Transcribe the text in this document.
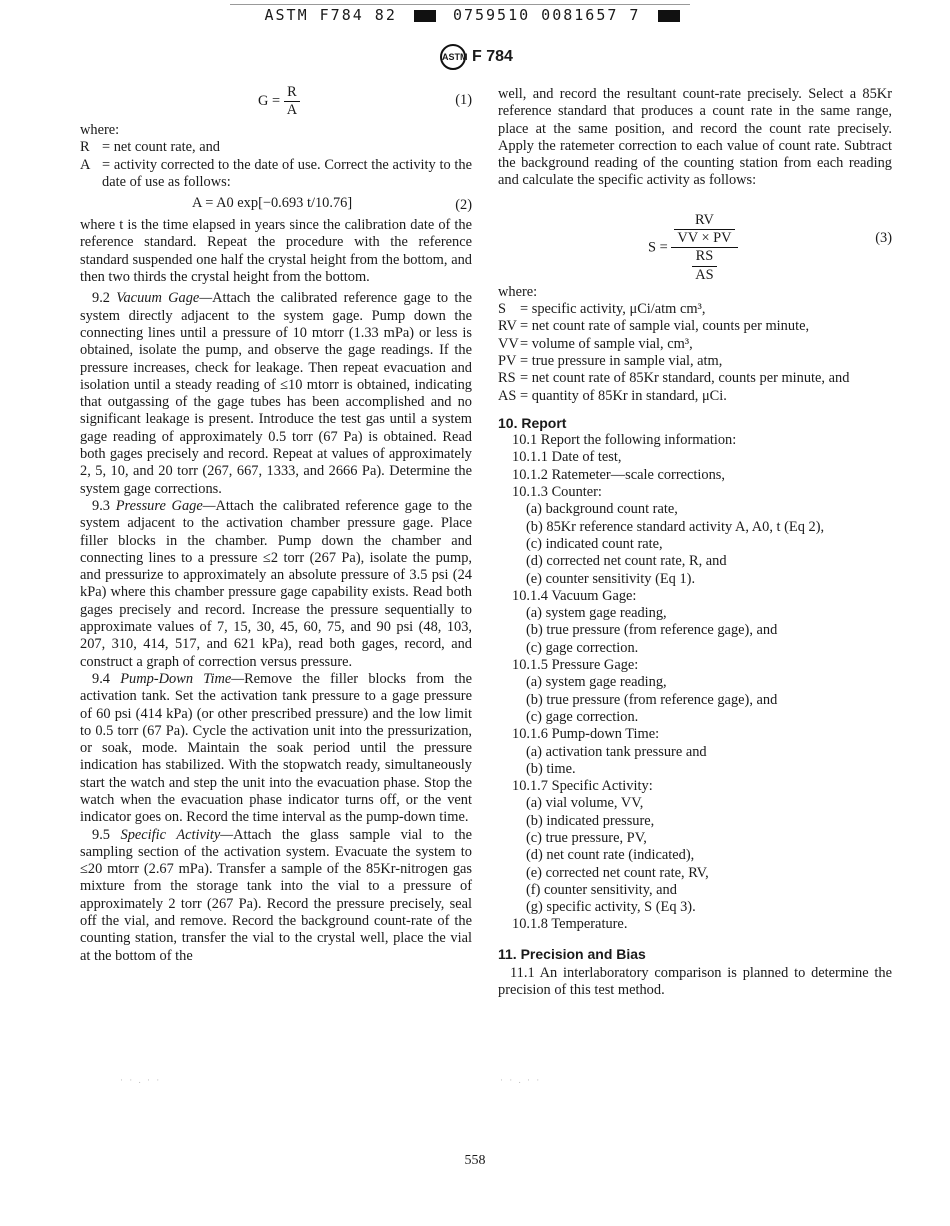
ASTM F784 82	0759510 0081657 7
ASTM F 784
$G = \frac{R}{A}$	(1)

where:

R = net count rate, and
A = activity corrected to the date of use. Correct the activity to the date of use as follows:
A = A0 exp[−0.693 t/10.76]	(2)

where t is the time elapsed in years since the calibration date of the reference standard. Repeat the procedure with the reference standard suspended one half the crystal height from the bottom, and then two thirds the crystal height from the bottom.

9.2 Vacuum Gage—Attach the calibrated reference gage to the system directly adjacent to the system gage. Pump down the connecting lines until a pressure of 10 mtorr (1.33 mPa) or less is obtained, isolate the pump, and observe the gage readings. If the pressure increases, check for leakage. Then repeat evacuation and isolation until a steady reading of ≤10 mtorr is obtained, indicating that outgassing of the gage tubes has been accomplished and no significant leakage is present. Introduce the test gas until a system gage reading of approximately 0.5 torr (67 Pa) is obtained. Read both gages precisely and record. Repeat at values of approximately 2, 5, 10, and 20 torr (267, 667, 1333, and 2666 Pa). Determine the system gage corrections.

9.3 Pressure Gage—Attach the calibrated reference gage to the system adjacent to the activation chamber pressure gage. Place filler blocks in the chamber. Pump down the chamber and connecting lines to a pressure ≤2 torr (267 Pa), isolate the pump, and pressurize to approximately an absolute pressure of 3.5 psi (24 kPa) where this chamber pressure gage capability exists. Read both gages precisely and record. Increase the pressure sequentially to approximate values of 7, 15, 30, 45, 60, 75, and 90 psi (48, 103, 207, 310, 414, 517, and 621 kPa), read both gages, record, and construct a graph of correction versus pressure.

9.4 Pump-Down Time—Remove the filler blocks from the activation tank. Set the activation tank pressure to a gage pressure of 60 psi (414 kPa) (or other prescribed pressure) and the low limit to 0.5 torr (67 Pa). Cycle the activation unit into the pressurization, or soak, mode. Maintain the soak period until the pressure indication has stabilized. With the stopwatch ready, simultaneously start the watch and step the unit into the evacuation phase. Stop the watch when the evacuation phase indicator turns off, or the vent indicator goes on. Record the time interval as the pump-down time.

9.5 Specific Activity—Attach the glass sample vial to the sampling section of the activation system. Evacuate the system to ≤20 mtorr (2.67 mPa). Transfer a sample of the 85Kr-nitrogen gas mixture from the storage tank into the vial to a pressure of approximately 2 torr (267 Pa). Record the pressure precisely, seal off the vial, and remove. Record the background count-rate of the counting station, transfer the vial to the crystal well, place the vial at the bottom of the

well, and record the resultant count-rate precisely. Select a 85Kr reference standard that produces a count rate in the same range, place at the same position, and record the count rate precisely. Apply the ratemeter correction to each value of count rate. Subtract the background reading of the counting station from each reading and calculate the specific activity as follows:

$S = \frac{\frac{RV}{VV \times PV}}{\frac{RS}{AS}}$	(3)

where:

S = specific activity, μCi/atm cm³,
RV = net count rate of sample vial, counts per minute,
VV = volume of sample vial, cm³,
PV = true pressure in sample vial, atm,
RS = net count rate of 85Kr standard, counts per minute, and
AS = quantity of 85Kr in standard, μCi.

10. Report

10.1 Report the following information:
10.1.1 Date of test,
10.1.2 Ratemeter—scale corrections,
10.1.3 Counter:
(a) background count rate,
(b) 85Kr reference standard activity A, A0, t (Eq 2),
(c) indicated count rate,
(d) corrected net count rate, R, and
(e) counter sensitivity (Eq 1).
10.1.4 Vacuum Gage:
(a) system gage reading,
(b) true pressure (from reference gage), and
(c) gage correction.
10.1.5 Pressure Gage:
(a) system gage reading,
(b) true pressure (from reference gage), and
(c) gage correction.
10.1.6 Pump-down Time:
(a) activation tank pressure and
(b) time.
10.1.7 Specific Activity:
(a) vial volume, VV,
(b) indicated pressure,
(c) true pressure, PV,
(d) net count rate (indicated),
(e) corrected net count rate, RV,
(f) counter sensitivity, and
(g) specific activity, S (Eq 3).
10.1.8 Temperature.

11. Precision and Bias

11.1 An interlaboratory comparison is planned to determine the precision of this test method.

· · . · ·	· · . · ·
558
